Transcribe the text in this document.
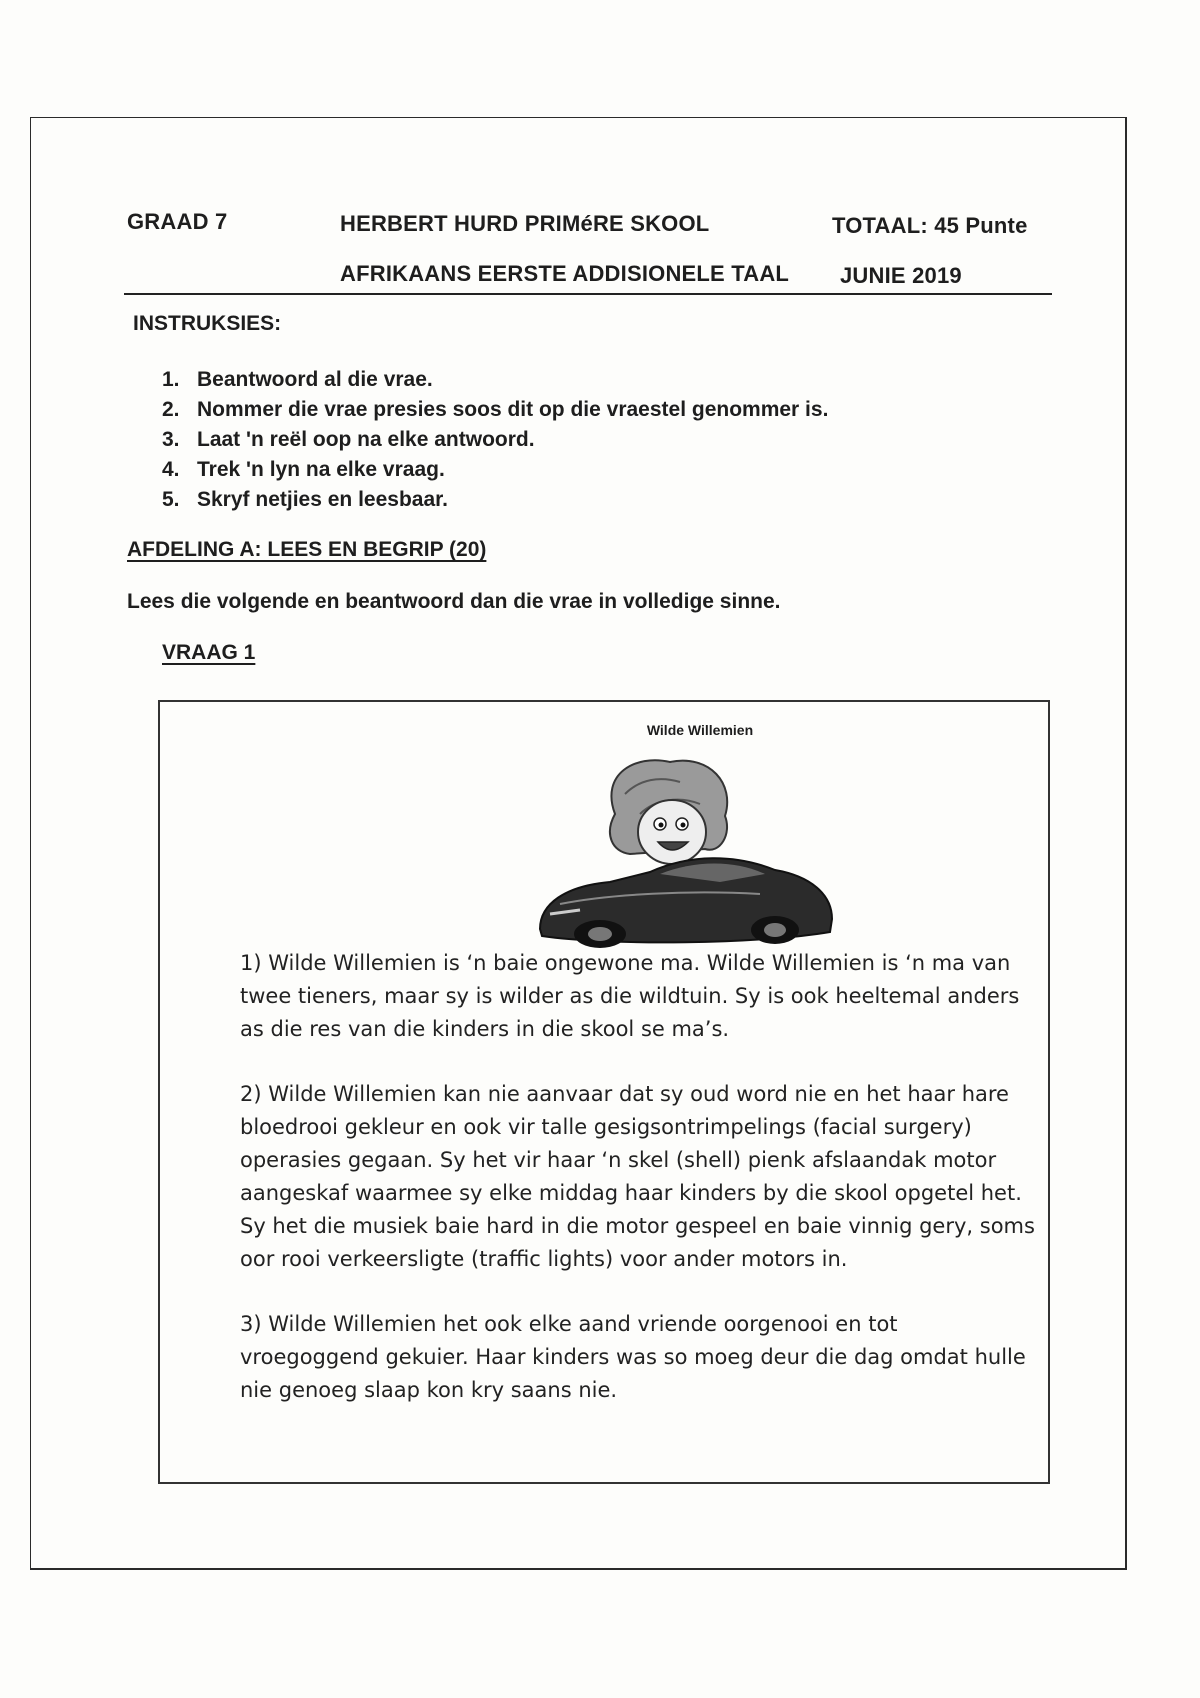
GRAAD 7	HERBERT HURD PRIMéRE SKOOL	TOTAAL: 45 Punte
AFRIKAANS EERSTE ADDISIONELE TAAL JUNIE 2019
INSTRUKSIES:
1. Beantwoord al die vrae.
2. Nommer die vrae presies soos dit op die vraestel genommer is.
3. Laat 'n reël oop na elke antwoord.
4. Trek 'n lyn na elke vraag.
5. Skryf netjies en leesbaar.
AFDELING A: LEES EN BEGRIP (20)
Lees die volgende en beantwoord dan die vrae in volledige sinne.
VRAAG 1
Wilde Willemien

1) Wilde Willemien is ‘n baie ongewone ma. Wilde Willemien is ‘n ma van twee tieners, maar sy is wilder as die wildtuin. Sy is ook heeltemal anders as die res van die kinders in die skool se ma’s.

2) Wilde Willemien kan nie aanvaar dat sy oud word nie en het haar hare bloedrooi gekleur en ook vir talle gesigsontrimpelings (facial surgery) operasies gegaan. Sy het vir haar ‘n skel (shell) pienk afslaandak motor aangeskaf waarmee sy elke middag haar kinders by die skool opgetel het. Sy het die musiek baie hard in die motor gespeel en baie vinnig gery, soms oor rooi verkeersligte (traffic lights) voor ander motors in.

3) Wilde Willemien het ook elke aand vriende oorgenooi en tot vroegoggend gekuier. Haar kinders was so moeg deur die dag omdat hulle nie genoeg slaap kon kry saans nie.
